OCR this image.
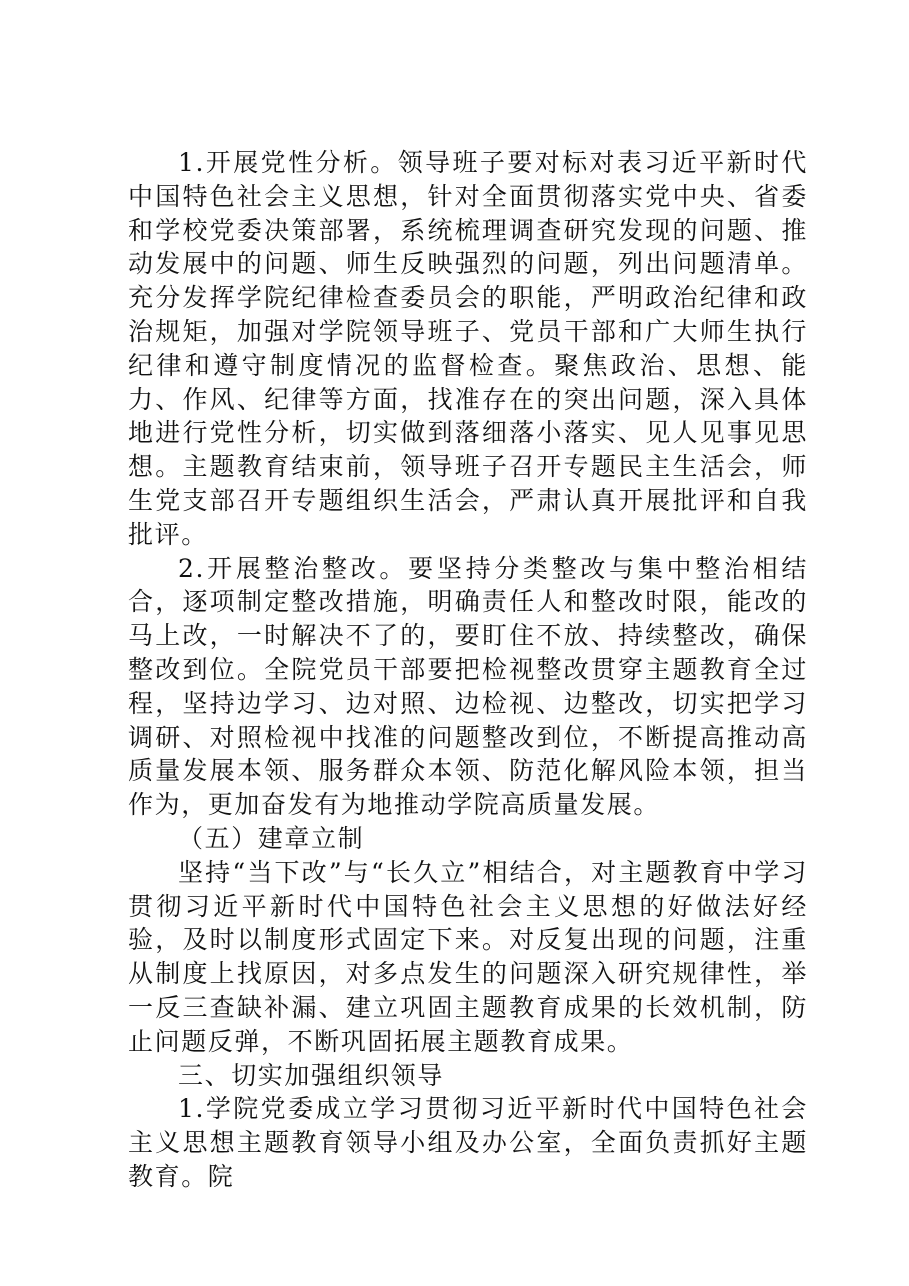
1.开展党性分析。领导班子要对标对表习近平新时代中国特色社会主义思想，针对全面贯彻落实党中央、省委和学校党委决策部署，系统梳理调查研究发现的问题、推动发展中的问题、师生反映强烈的问题，列出问题清单。充分发挥学院纪律检查委员会的职能，严明政治纪律和政治规矩，加强对学院领导班子、党员干部和广大师生执行纪律和遵守制度情况的监督检查。聚焦政治、思想、能力、作风、纪律等方面，找准存在的突出问题，深入具体地进行党性分析，切实做到落细落小落实、见人见事见思想。主题教育结束前，领导班子召开专题民主生活会，师生党支部召开专题组织生活会，严肃认真开展批评和自我批评。

2.开展整治整改。要坚持分类整改与集中整治相结合，逐项制定整改措施，明确责任人和整改时限，能改的马上改，一时解决不了的，要盯住不放、持续整改，确保整改到位。全院党员干部要把检视整改贯穿主题教育全过程，坚持边学习、边对照、边检视、边整改，切实把学习调研、对照检视中找准的问题整改到位，不断提高推动高质量发展本领、服务群众本领、防范化解风险本领，担当作为，更加奋发有为地推动学院高质量发展。

（五）建章立制

坚持“当下改”与“长久立”相结合，对主题教育中学习贯彻习近平新时代中国特色社会主义思想的好做法好经验，及时以制度形式固定下来。对反复出现的问题，注重从制度上找原因，对多点发生的问题深入研究规律性，举一反三查缺补漏、建立巩固主题教育成果的长效机制，防止问题反弹，不断巩固拓展主题教育成果。

三、切实加强组织领导

1.学院党委成立学习贯彻习近平新时代中国特色社会主义思想主题教育领导小组及办公室，全面负责抓好主题教育。院
